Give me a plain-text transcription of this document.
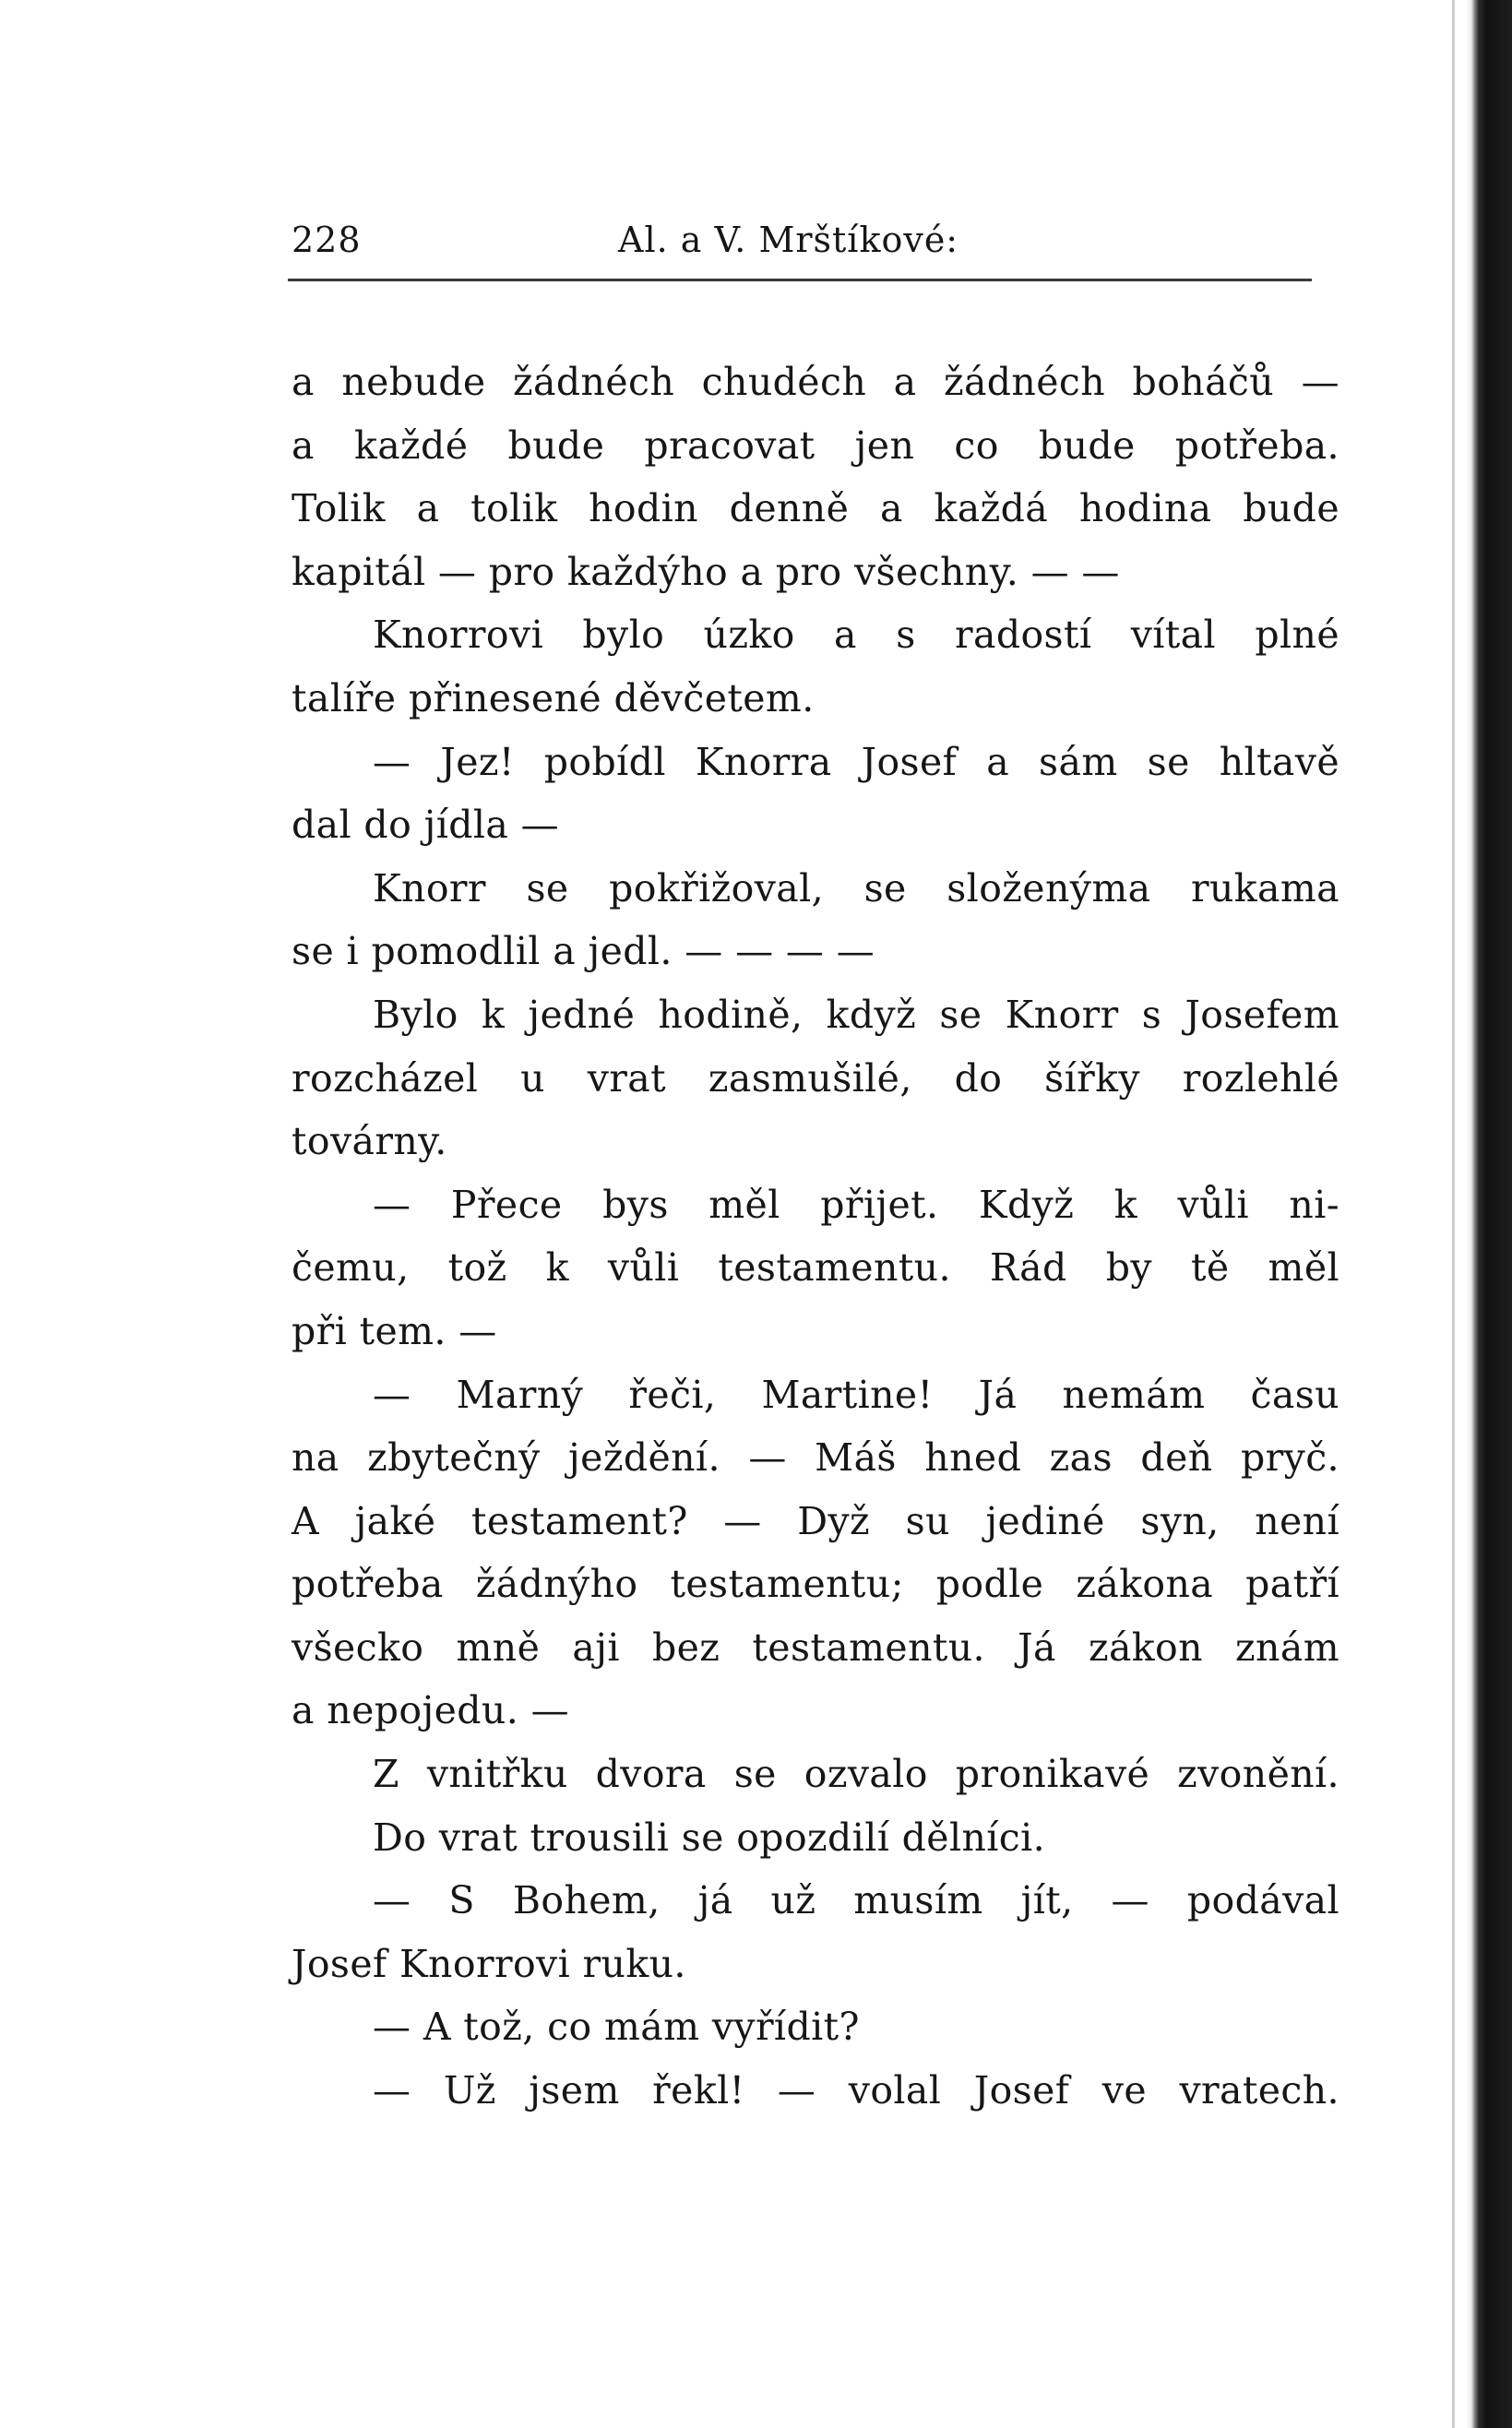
228	Al. a V. Mrštíkové:
a nebude žádnéch chudéch a žádnéch boháčů —
a každé bude pracovat jen co bude potřeba.
Tolik a tolik hodin denně a každá hodina bude
kapitál — pro každýho a pro všechny. — —
Knorrovi bylo úzko a s radostí vítal plné
talíře přinesené děvčetem.
— Jez! pobídl Knorra Josef a sám se hltavě
dal do jídla —
Knorr se pokřižoval, se složenýma rukama
se i pomodlil a jedl. — — — —
Bylo k jedné hodině, když se Knorr s Josefem
rozcházel u vrat zasmušilé, do šířky rozlehlé
továrny.
— Přece bys měl přijet. Když k vůli ni-
čemu, tož k vůli testamentu. Rád by tě měl
při tem. —
— Marný řeči, Martine! Já nemám času
na zbytečný ježdění. — Máš hned zas deň pryč.
A jaké testament? — Dyž su jediné syn, není
potřeba žádnýho testamentu; podle zákona patří
všecko mně aji bez testamentu. Já zákon znám
a nepojedu. —
Z vnitřku dvora se ozvalo pronikavé zvonění.
Do vrat trousili se opozdilí dělníci.
— S Bohem, já už musím jít, — podával
Josef Knorrovi ruku.
— A tož, co mám vyřídit?
— Už jsem řekl! — volal Josef ve vratech.
